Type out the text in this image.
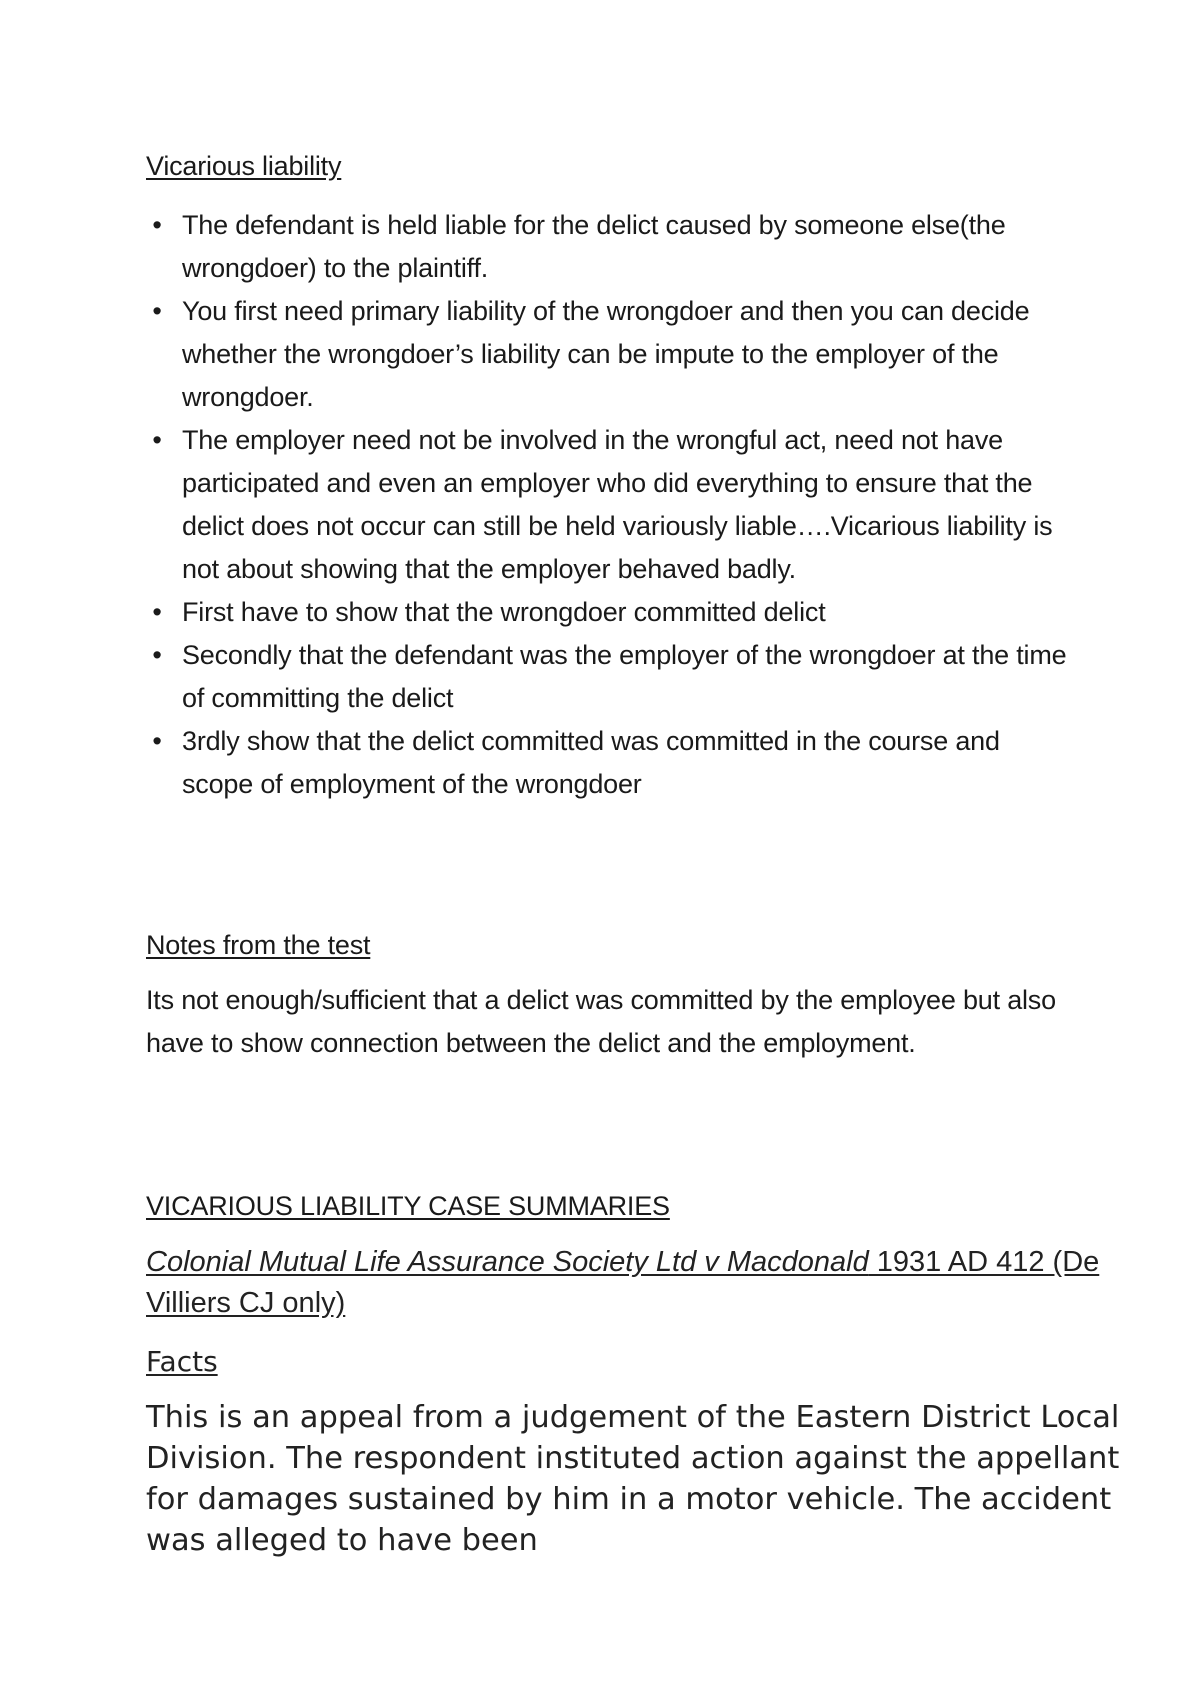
Vicarious liability
• The defendant is held liable for the delict caused by someone else(the wrongdoer) to the plaintiff.
• You first need primary liability of the wrongdoer and then you can decide whether the wrongdoer’s liability can be impute to the employer of the wrongdoer.
• The employer need not be involved in the wrongful act, need not have participated and even an employer who did everything to ensure that the delict does not occur can still be held variously liable….Vicarious liability is not about showing that the employer behaved badly.
• First have to show that the wrongdoer committed delict
• Secondly that the defendant was the employer of the wrongdoer at the time of committing the delict
• 3rdly show that the delict committed was committed in the course and scope of employment of the wrongdoer
Notes from the test

Its not enough/sufficient that a delict was committed by the employee but also have to show connection between the delict and the employment.

VICARIOUS LIABILITY CASE SUMMARIES

Colonial Mutual Life Assurance Society Ltd v Macdonald 1931 AD 412 (De Villiers CJ only)

Facts

This is an appeal from a judgement of the Eastern District Local Division. The respondent instituted action against the appellant for damages sustained by him in a motor vehicle. The accident was alleged to have been
